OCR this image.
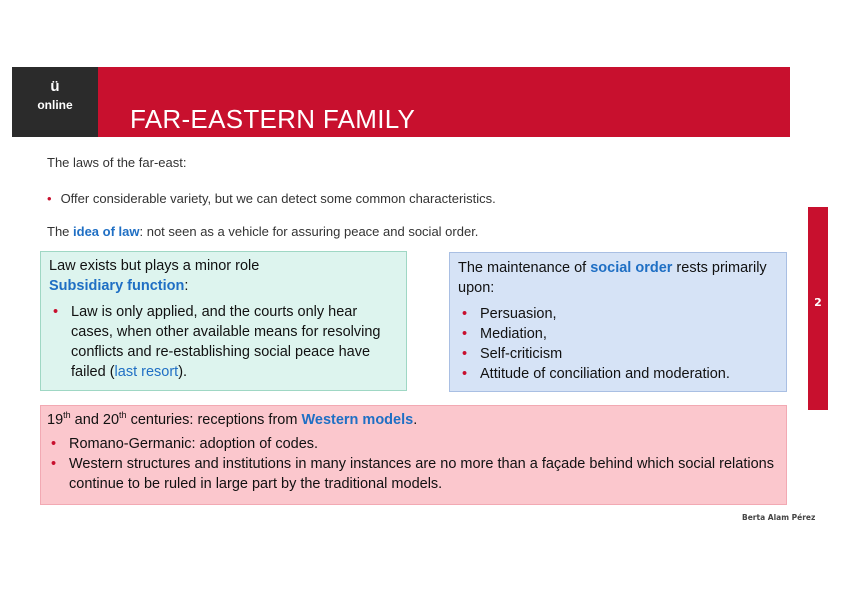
ü
online	FAR-EASTERN FAMILY
2
The laws of the far-east:
• Offer considerable variety, but we can detect some common characteristics.
The idea of law: not seen as a vehicle for assuring peace and social order.
Law exists but plays a minor role
Subsidiary function:
• Law is only applied, and the courts only hear cases, when other available means for resolving conflicts and re-establishing social peace have failed (last resort).
The maintenance of social order rests primarily upon:
• Persuasion,
• Mediation,
• Self-criticism
• Attitude of conciliation and moderation.
19th and 20th centuries: receptions from Western models.
• Romano-Germanic: adoption of codes.
• Western structures and institutions in many instances are no more than a façade behind which social relations continue to be ruled in large part by the traditional models.
Berta Alam Pérez
